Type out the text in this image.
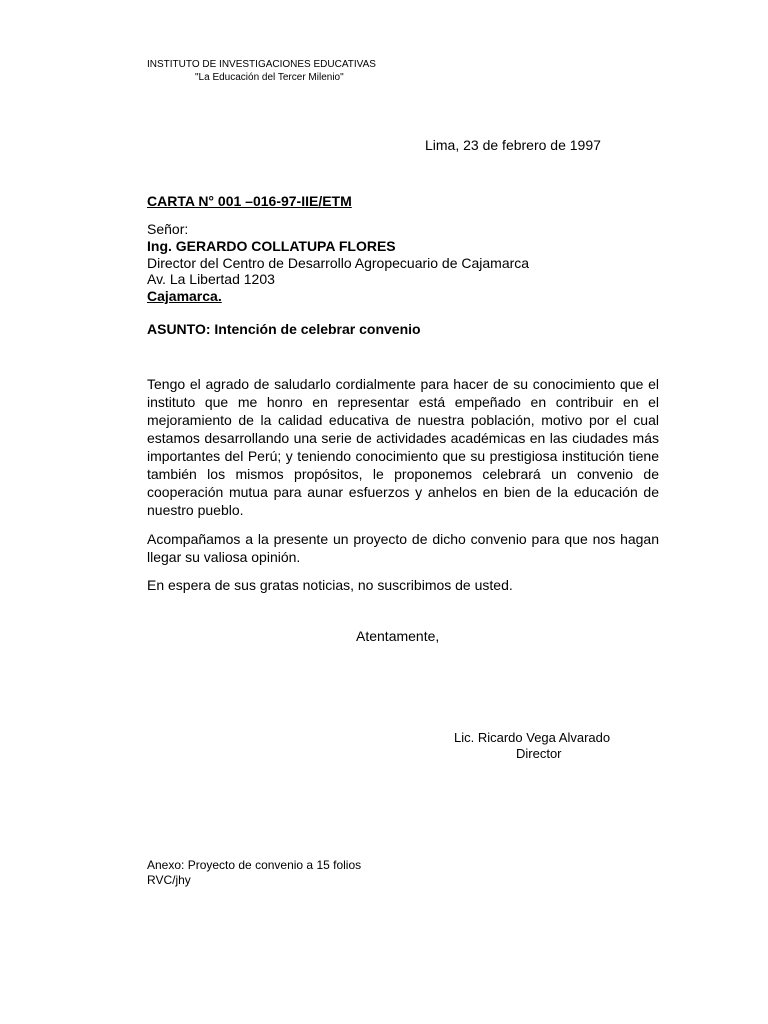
INSTITUTO DE INVESTIGACIONES EDUCATIVAS
"La Educación del Tercer Milenio"
Lima, 23 de febrero de 1997
CARTA N° 001 –016-97-IIE/ETM
Señor:
Ing. GERARDO COLLATUPA FLORES
Director del Centro de Desarrollo Agropecuario de Cajamarca
Av. La Libertad 1203
Cajamarca.
ASUNTO: Intención de celebrar convenio

Tengo el agrado de saludarlo cordialmente para hacer de su conocimiento que el instituto que me honro en representar está empeñado en contribuir en el mejoramiento de la calidad educativa de nuestra población, motivo por el cual estamos desarrollando una serie de actividades académicas en las ciudades más importantes del Perú; y teniendo conocimiento que su prestigiosa institución tiene también los mismos propósitos, le proponemos celebrará un convenio de cooperación mutua para aunar esfuerzos y anhelos en bien de la educación de nuestro pueblo.

Acompañamos a la presente un proyecto de dicho convenio para que nos hagan llegar su valiosa opinión.

En espera de sus gratas noticias, no suscribimos de usted.

Atentamente,
Lic. Ricardo Vega Alvarado
Director
Anexo: Proyecto de convenio a 15 folios
RVC/jhy
